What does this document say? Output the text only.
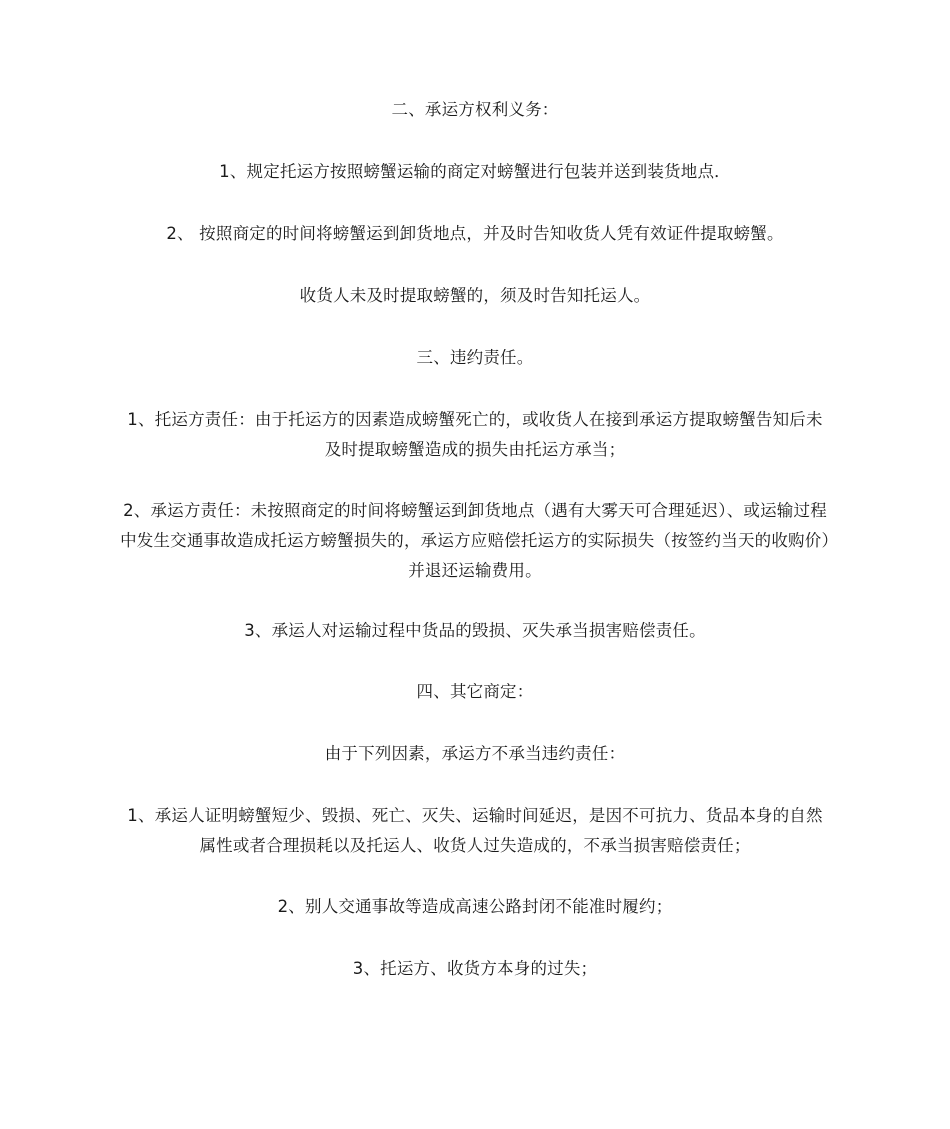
二、承运方权利义务：

1、规定托运方按照螃蟹运输的商定对螃蟹进行包装并送到装货地点．

2、 按照商定的时间将螃蟹运到卸货地点，并及时告知收货人凭有效证件提取螃蟹。

收货人未及时提取螃蟹的，须及时告知托运人。

三、违约责任。

1、托运方责任：由于托运方的因素造成螃蟹死亡的，或收货人在接到承运方提取螃蟹告知后未及时提取螃蟹造成的损失由托运方承当；

2、承运方责任：未按照商定的时间将螃蟹运到卸货地点（遇有大雾天可合理延迟）、或运输过程中发生交通事故造成托运方螃蟹损失的，承运方应赔偿托运方的实际损失（按签约当天的收购价）并退还运输费用。

3、承运人对运输过程中货品的毁损、灭失承当损害赔偿责任。

四、其它商定：

由于下列因素，承运方不承当违约责任：

1、承运人证明螃蟹短少、毁损、死亡、灭失、运输时间延迟，是因不可抗力、货品本身的自然属性或者合理损耗以及托运人、收货人过失造成的，不承当损害赔偿责任；

2、别人交通事故等造成高速公路封闭不能准时履约；

3、托运方、收货方本身的过失；
